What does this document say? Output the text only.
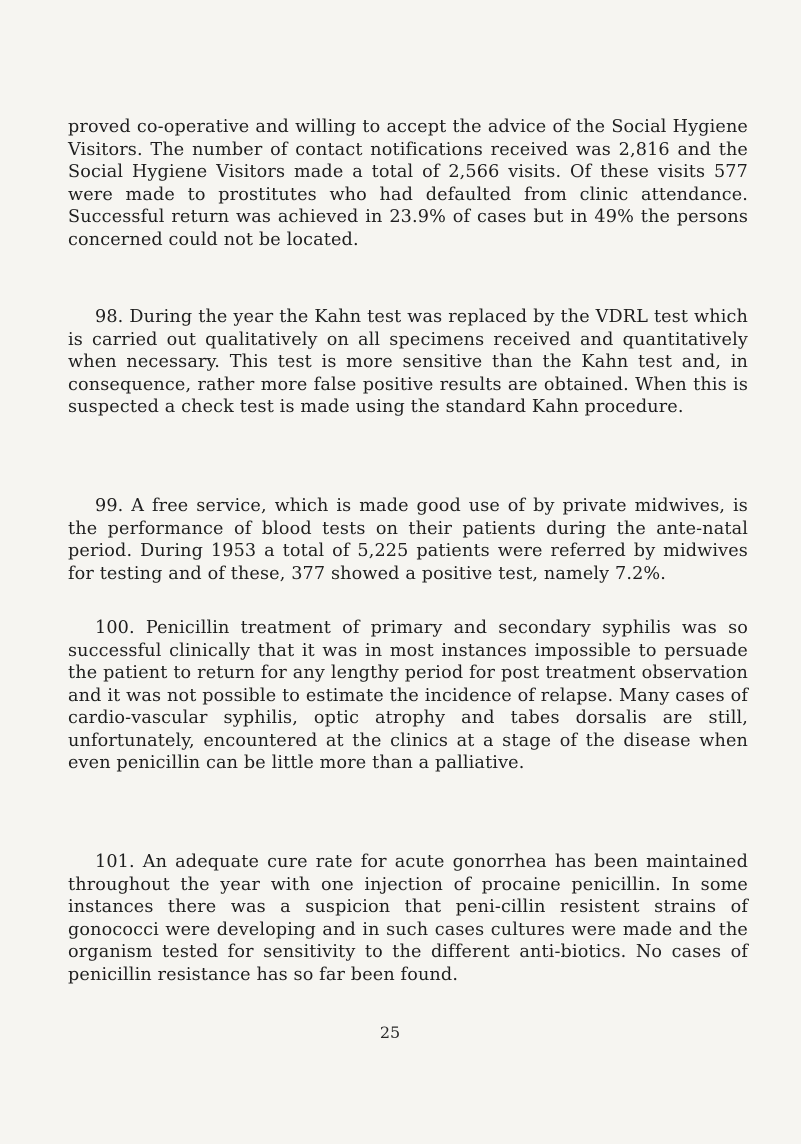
proved co-operative and willing to accept the advice of the Social Hygiene Visitors. The number of contact notifications received was 2,816 and the Social Hygiene Visitors made a total of 2,566 visits. Of these visits 577 were made to prostitutes who had defaulted from clinic attendance. Successful return was achieved in 23.9% of cases but in 49% the persons concerned could not be located.

98. During the year the Kahn test was replaced by the VDRL test which is carried out qualitatively on all specimens received and quantitatively when necessary. This test is more sensitive than the Kahn test and, in consequence, rather more false positive results are obtained. When this is suspected a check test is made using the standard Kahn procedure.

99. A free service, which is made good use of by private midwives, is the performance of blood tests on their patients during the ante-natal period. During 1953 a total of 5,225 patients were referred by midwives for testing and of these, 377 showed a positive test, namely 7.2%.

100. Penicillin treatment of primary and secondary syphilis was so successful clinically that it was in most instances impossible to persuade the patient to return for any lengthy period for post treatment observation and it was not possible to estimate the incidence of relapse. Many cases of cardio-vascular syphilis, optic atrophy and tabes dorsalis are still, unfortunately, encountered at the clinics at a stage of the disease when even penicillin can be little more than a palliative.

101. An adequate cure rate for acute gonorrhea has been maintained throughout the year with one injection of procaine penicillin. In some instances there was a suspicion that peni-cillin resistent strains of gonococci were developing and in such cases cultures were made and the organism tested for sensitivity to the different anti-biotics. No cases of penicillin resistance has so far been found.

25
